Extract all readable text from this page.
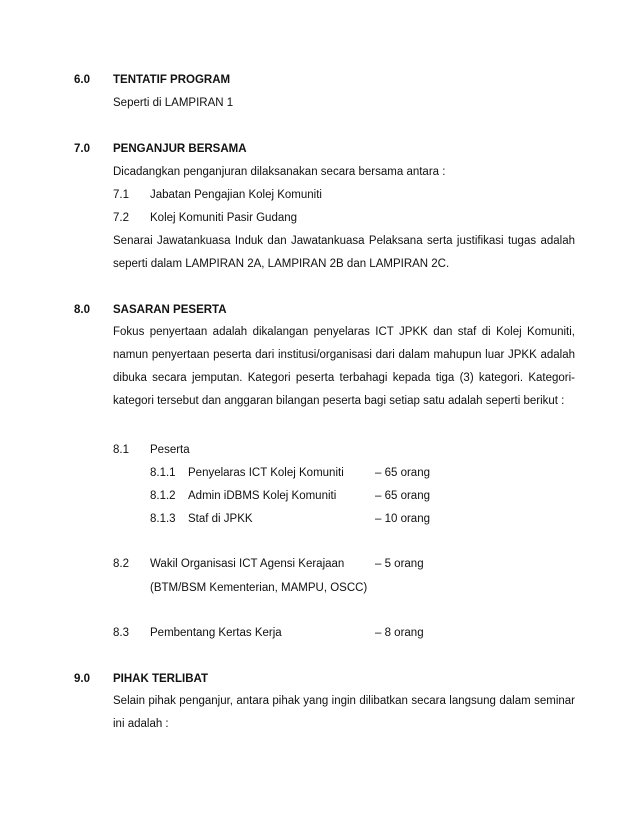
6.0 TENTATIF PROGRAM
Seperti di LAMPIRAN 1
7.0 PENGANJUR BERSAMA
Dicadangkan penganjuran dilaksanakan secara bersama antara :
7.1 Jabatan Pengajian Kolej Komuniti
7.2 Kolej Komuniti Pasir Gudang

Senarai Jawatankuasa Induk dan Jawatankuasa Pelaksana serta justifikasi tugas adalah seperti dalam LAMPIRAN 2A, LAMPIRAN 2B dan LAMPIRAN 2C.

8.0 SASARAN PESERTA

Fokus penyertaan adalah dikalangan penyelaras ICT JPKK dan staf di Kolej Komuniti, namun penyertaan peserta dari institusi/organisasi dari dalam mahupun luar JPKK adalah dibuka secara jemputan. Kategori peserta terbahagi kepada tiga (3) kategori. Kategori-kategori tersebut dan anggaran bilangan peserta bagi setiap satu adalah seperti berikut :

8.1 Peserta
8.1.1 Penyelaras ICT Kolej Komuniti	– 65 orang
8.1.2 Admin iDBMS Kolej Komuniti	– 65 orang
8.1.3 Staf di JPKK	– 10 orang
8.2 Wakil Organisasi ICT Agensi Kerajaan	– 5 orang
(BTM/BSM Kementerian, MAMPU, OSCC)
8.3 Pembentang Kertas Kerja	– 8 orang
9.0 PIHAK TERLIBAT

Selain pihak penganjur, antara pihak yang ingin dilibatkan secara langsung dalam seminar ini adalah :
